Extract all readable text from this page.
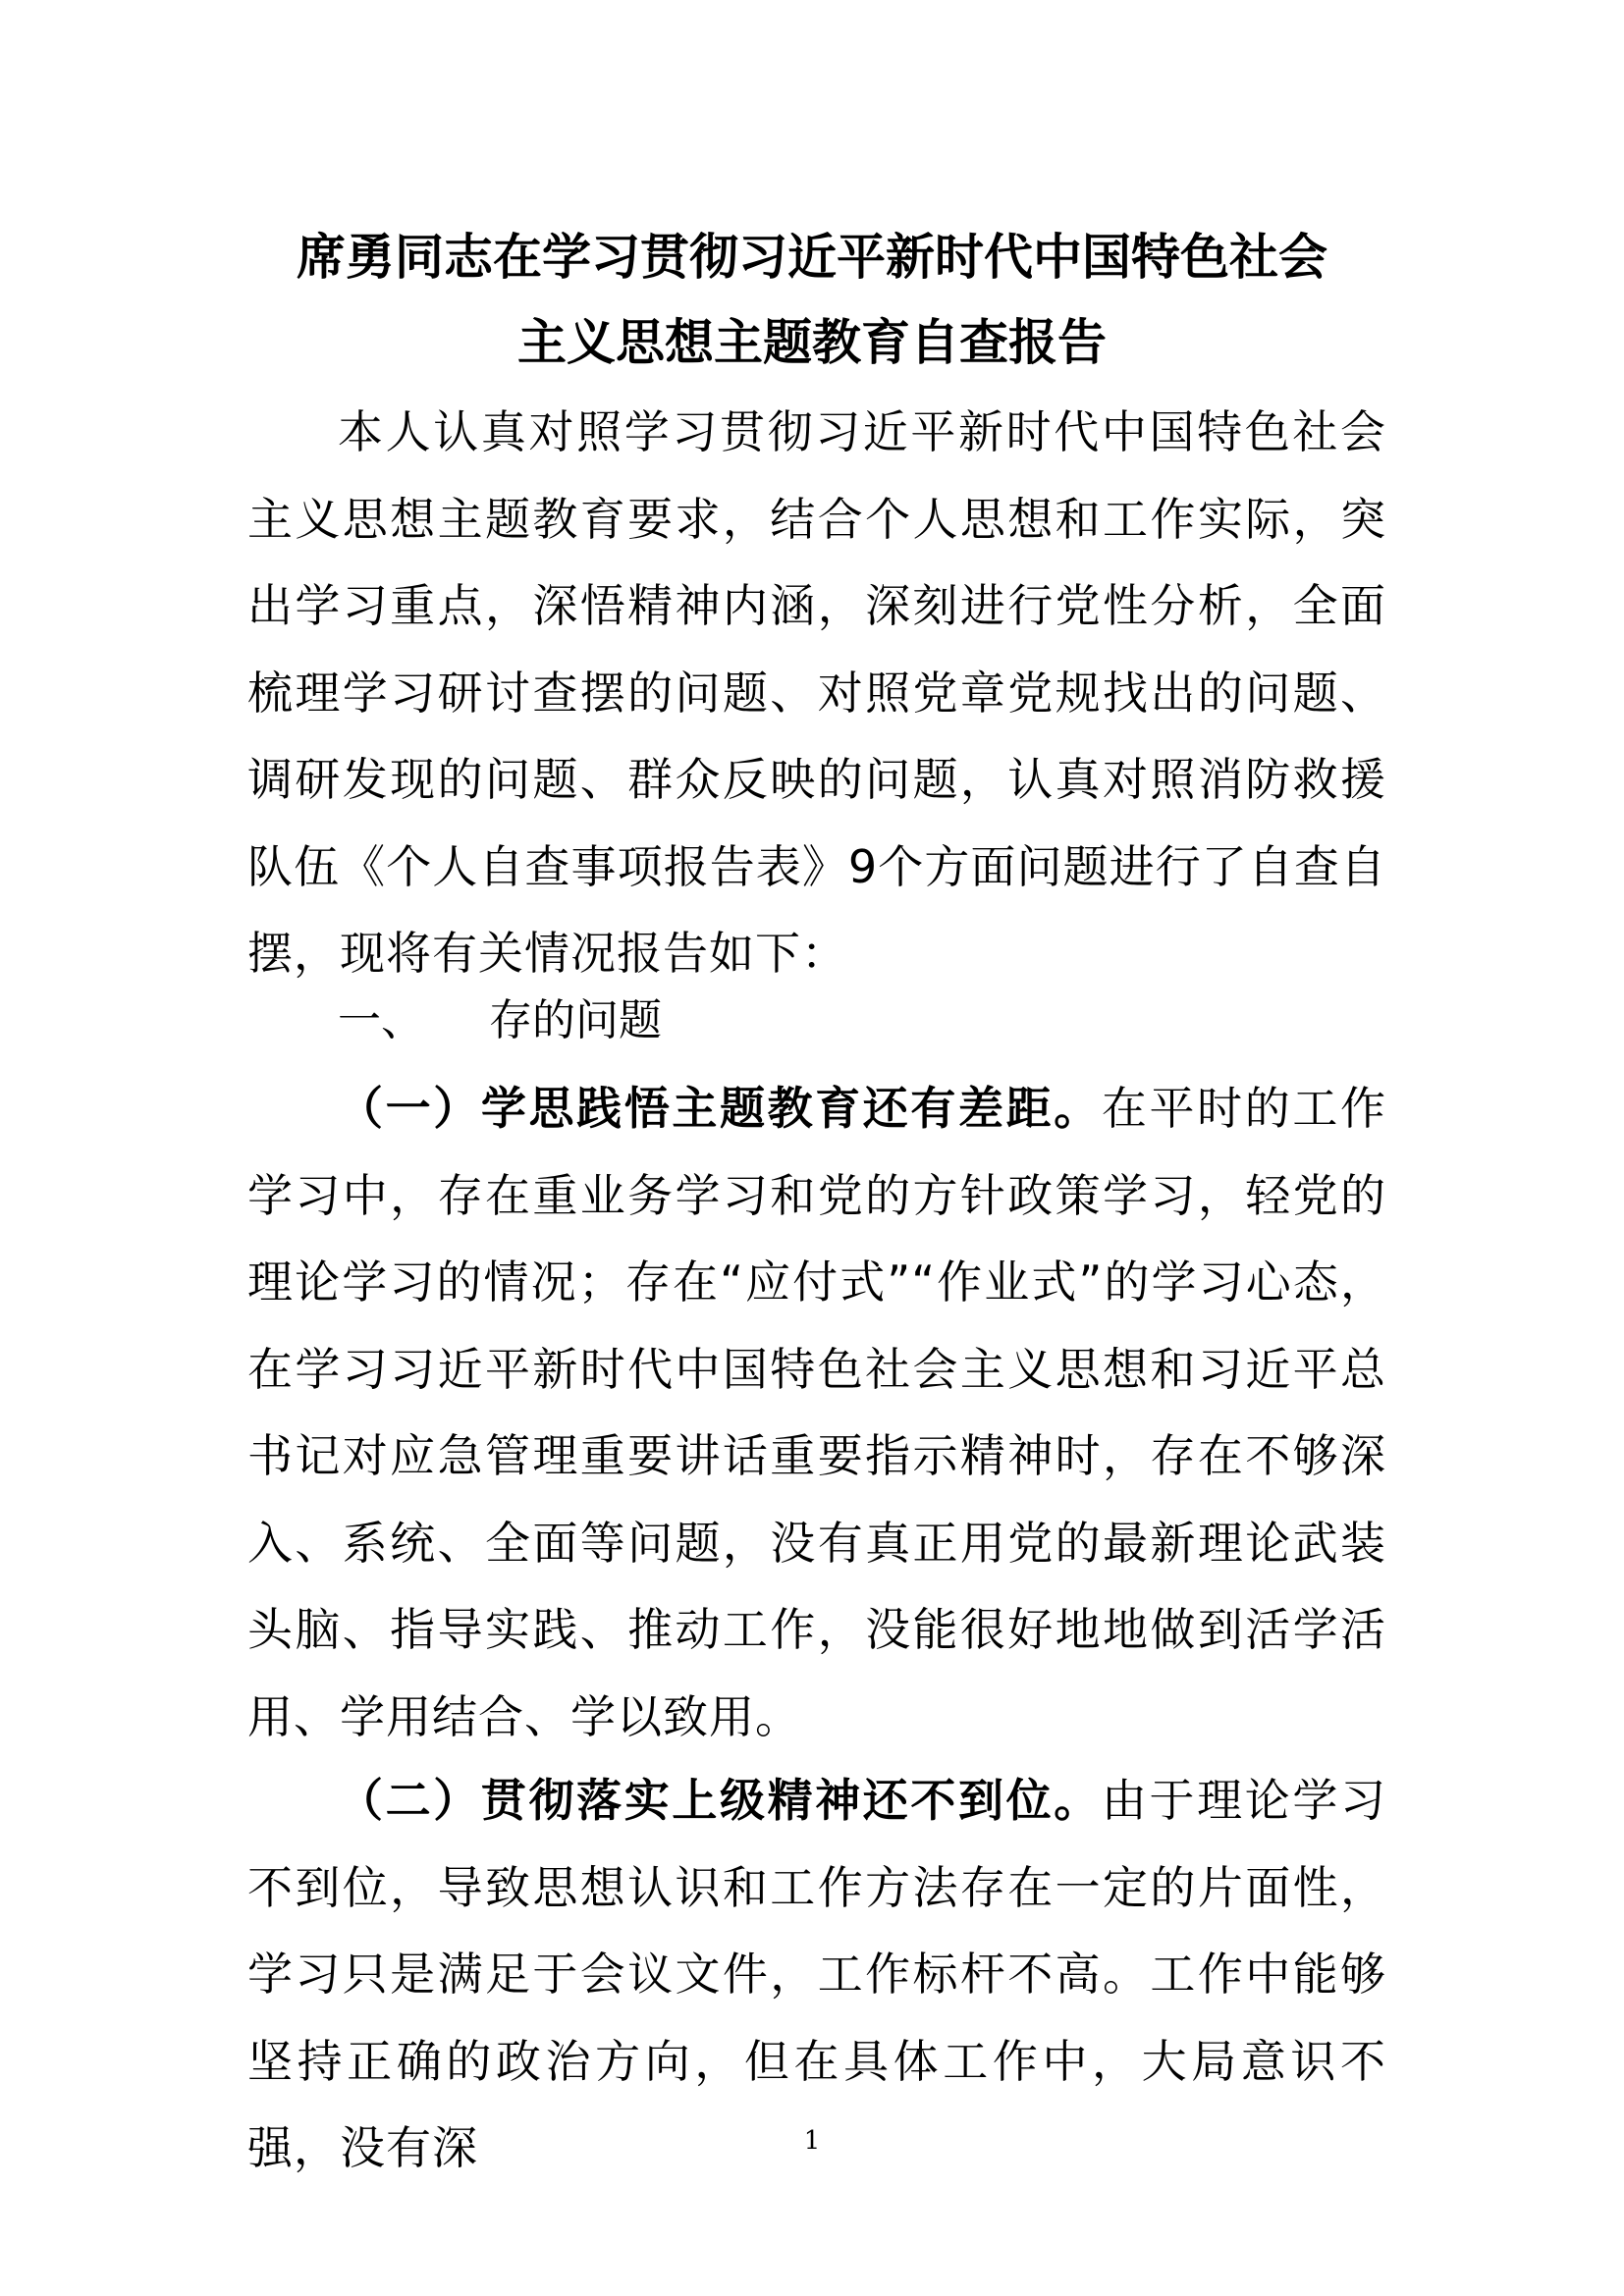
席勇同志在学习贯彻习近平新时代中国特色社会
主义思想主题教育自查报告

本人认真对照学习贯彻习近平新时代中国特色社会主义思想主题教育要求，结合个人思想和工作实际，突出学习重点，深悟精神内涵，深刻进行党性分析，全面梳理学习研讨查摆的问题、对照党章党规找出的问题、调研发现的问题、群众反映的问题，认真对照消防救援队伍《个人自查事项报告表》9个方面问题进行了自查自摆，现将有关情况报告如下：

一、 存的问题

（一）学思践悟主题教育还有差距。在平时的工作学习中，存在重业务学习和党的方针政策学习，轻党的理论学习的情况；存在“应付式”“作业式”的学习心态，在学习习近平新时代中国特色社会主义思想和习近平总书记对应急管理重要讲话重要指示精神时，存在不够深入、系统、全面等问题，没有真正用党的最新理论武装头脑、指导实践、推动工作，没能很好地地做到活学活用、学用结合、学以致用。

（二）贯彻落实上级精神还不到位。由于理论学习不到位，导致思想认识和工作方法存在一定的片面性，学习只是满足于会议文件，工作标杆不高。工作中能够坚持正确的政治方向，但在具体工作中，大局意识不强，没有深	1
